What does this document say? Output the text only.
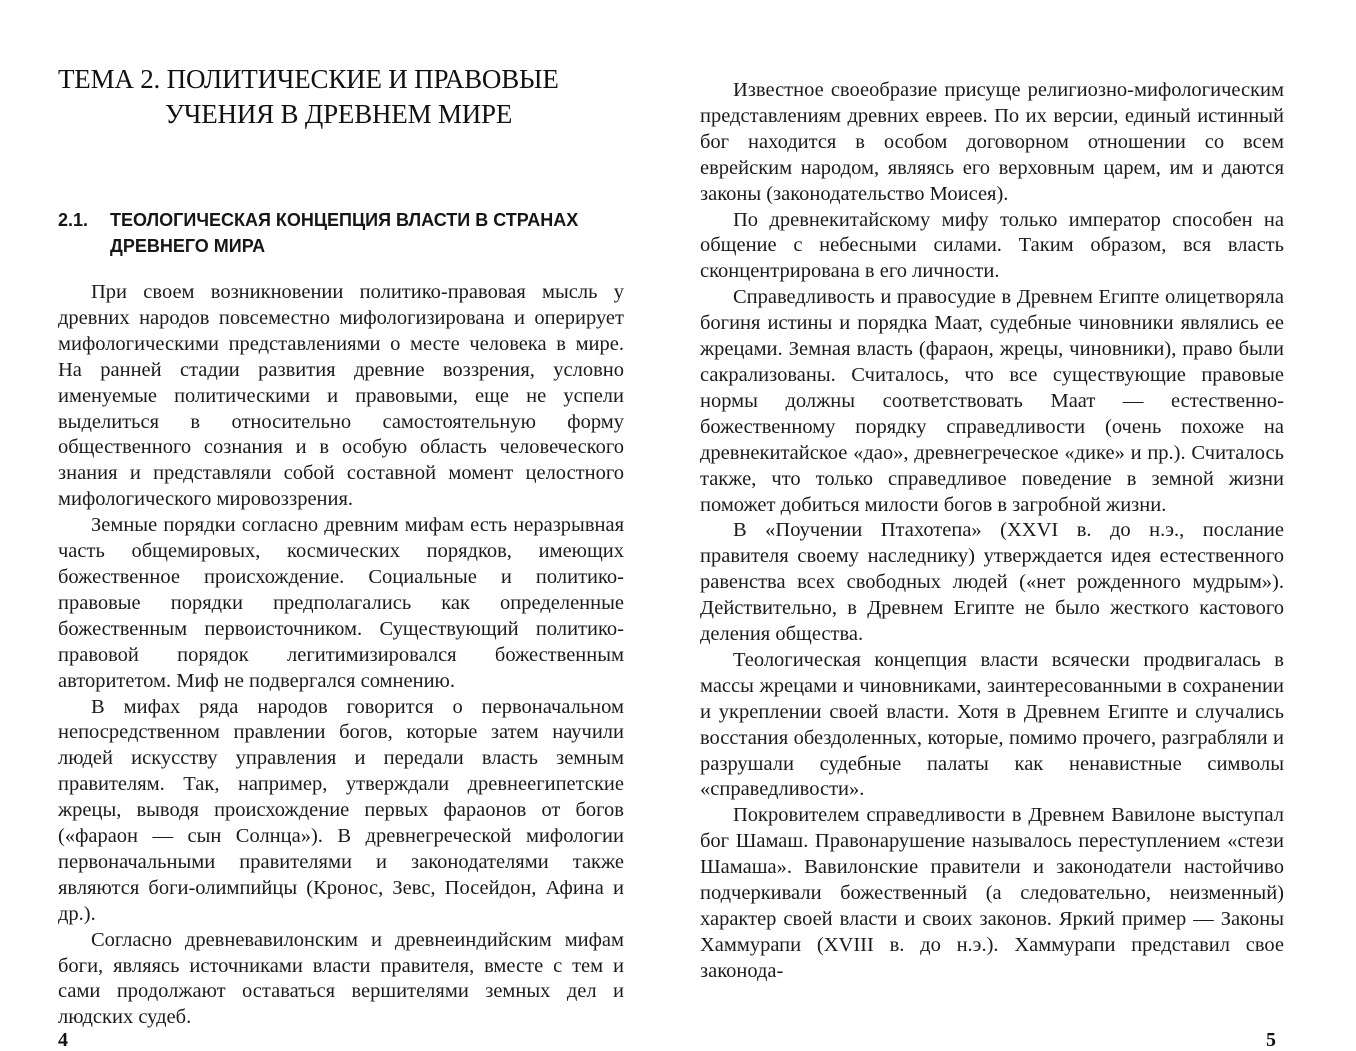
ТЕМА 2. ПОЛИТИЧЕСКИЕ И ПРАВОВЫЕ
УЧЕНИЯ В ДРЕВНЕМ МИРЕ
2.1. ТЕОЛОГИЧЕСКАЯ КОНЦЕПЦИЯ ВЛАСТИ В СТРАНАХ
ДРЕВНЕГО МИРА

При своем возникновении политико-правовая мысль у древних народов повсеместно мифологизирована и оперирует мифологическими представлениями о месте человека в мире. На ранней стадии развития древние воззрения, условно именуемые политическими и правовыми, еще не успели выделиться в относительно самостоятельную форму общественного сознания и в особую область человеческого знания и представляли собой составной момент целостного мифологического мировоззрения.

Земные порядки согласно древним мифам есть неразрывная часть общемировых, космических порядков, имеющих божественное происхождение. Социальные и политико-правовые порядки предполагались как определенные божественным первоисточником. Существующий политико-правовой порядок легитимизировался божественным авторитетом. Миф не подвергался сомнению.

В мифах ряда народов говорится о первоначальном непосредственном правлении богов, которые затем научили людей искусству управления и передали власть земным правителям. Так, например, утверждали древнеегипетские жрецы, выводя происхождение первых фараонов от богов («фараон — сын Солнца»). В древнегреческой мифологии первоначальными правителями и законодателями также являются боги-олимпийцы (Кронос, Зевс, Посейдон, Афина и др.).

Согласно древневавилонским и древнеиндийским мифам боги, являясь источниками власти правителя, вместе с тем и сами продолжают оставаться вершителями земных дел и людских судеб.

4

Известное своеобразие присуще религиозно-мифологическим представлениям древних евреев. По их версии, единый истинный бог находится в особом договорном отношении со всем еврейским народом, являясь его верховным царем, им и даются законы (законодательство Моисея).

По древнекитайскому мифу только император способен на общение с небесными силами. Таким образом, вся власть сконцентрирована в его личности.

Справедливость и правосудие в Древнем Египте олицетворяла богиня истины и порядка Маат, судебные чиновники являлись ее жрецами. Земная власть (фараон, жрецы, чиновники), право были сакрализованы. Считалось, что все существующие правовые нормы должны соответствовать Маат — естественно-божественному порядку справедливости (очень похоже на древнекитайское «дао», древнегреческое «дике» и пр.). Считалось также, что только справедливое поведение в земной жизни поможет добиться милости богов в загробной жизни.

В «Поучении Птахотепа» (XXVI в. до н.э., послание правителя своему наследнику) утверждается идея естественного равенства всех свободных людей («нет рожденного мудрым»). Действительно, в Древнем Египте не было жесткого кастового деления общества.

Теологическая концепция власти всячески продвигалась в массы жрецами и чиновниками, заинтересованными в сохранении и укреплении своей власти. Хотя в Древнем Египте и случались восстания обездоленных, которые, помимо прочего, разграбляли и разрушали судебные палаты как ненавистные символы «справедливости».

Покровителем справедливости в Древнем Вавилоне выступал бог Шамаш. Правонарушение называлось переступлением «стези Шамаша». Вавилонские правители и законодатели настойчиво подчеркивали божественный (а следовательно, неизменный) характер своей власти и своих законов. Яркий пример — Законы Хаммурапи (XVIII в. до н.э.). Хаммурапи представил свое законода-

5
